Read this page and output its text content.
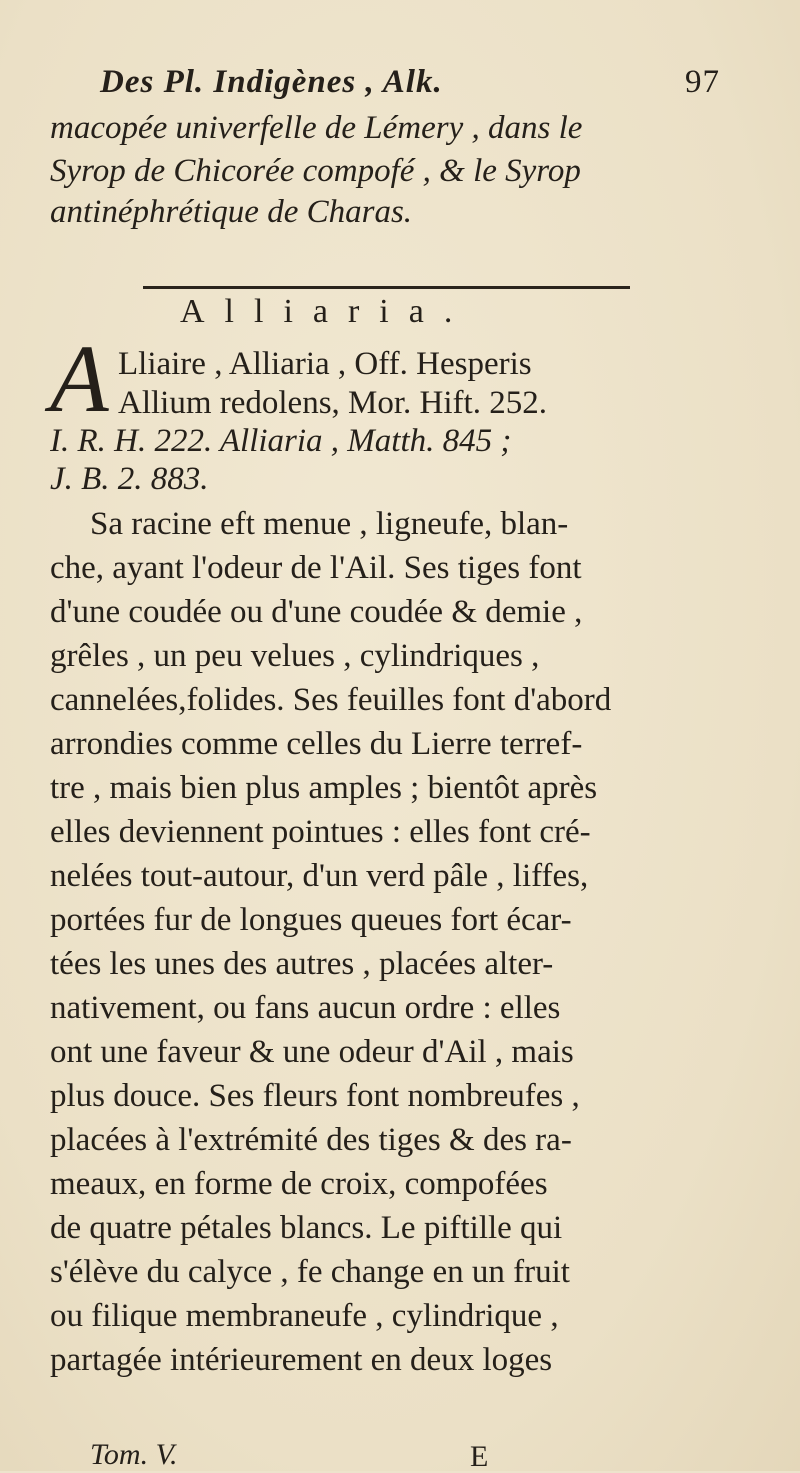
Des Pl. Indigènes , Alk.	97
macopée univerfelle de Lémery , dans le
Syrop de Chicorée compofé , & le Syrop
antinéphrétique de Charas.
Alliaria.
A Lliaire , Alliaria , Off. Hesperis
Allium redolens, Mor. Hift. 252.
I. R. H. 222. Alliaria , Matth. 845 ;
J. B. 2. 883.
Sa racine eft menue , ligneufe, blan-
che, ayant l'odeur de l'Ail. Ses tiges font
d'une coudée ou d'une coudée & demie ,
grêles , un peu velues , cylindriques ,
cannelées,folides. Ses feuilles font d'abord
arrondies comme celles du Lierre terref-
tre , mais bien plus amples ; bientôt après
elles deviennent pointues : elles font cré-
nelées tout-autour, d'un verd pâle , liffes,
portées fur de longues queues fort écar-
tées les unes des autres , placées alter-
nativement, ou fans aucun ordre : elles
ont une faveur & une odeur d'Ail , mais
plus douce. Ses fleurs font nombreufes ,
placées à l'extrémité des tiges & des ra-
meaux, en forme de croix, compofées
de quatre pétales blancs. Le piftille qui
s'élève du calyce , fe change en un fruit
ou filique membraneufe , cylindrique ,
partagée intérieurement en deux loges
Tom. V.	E
